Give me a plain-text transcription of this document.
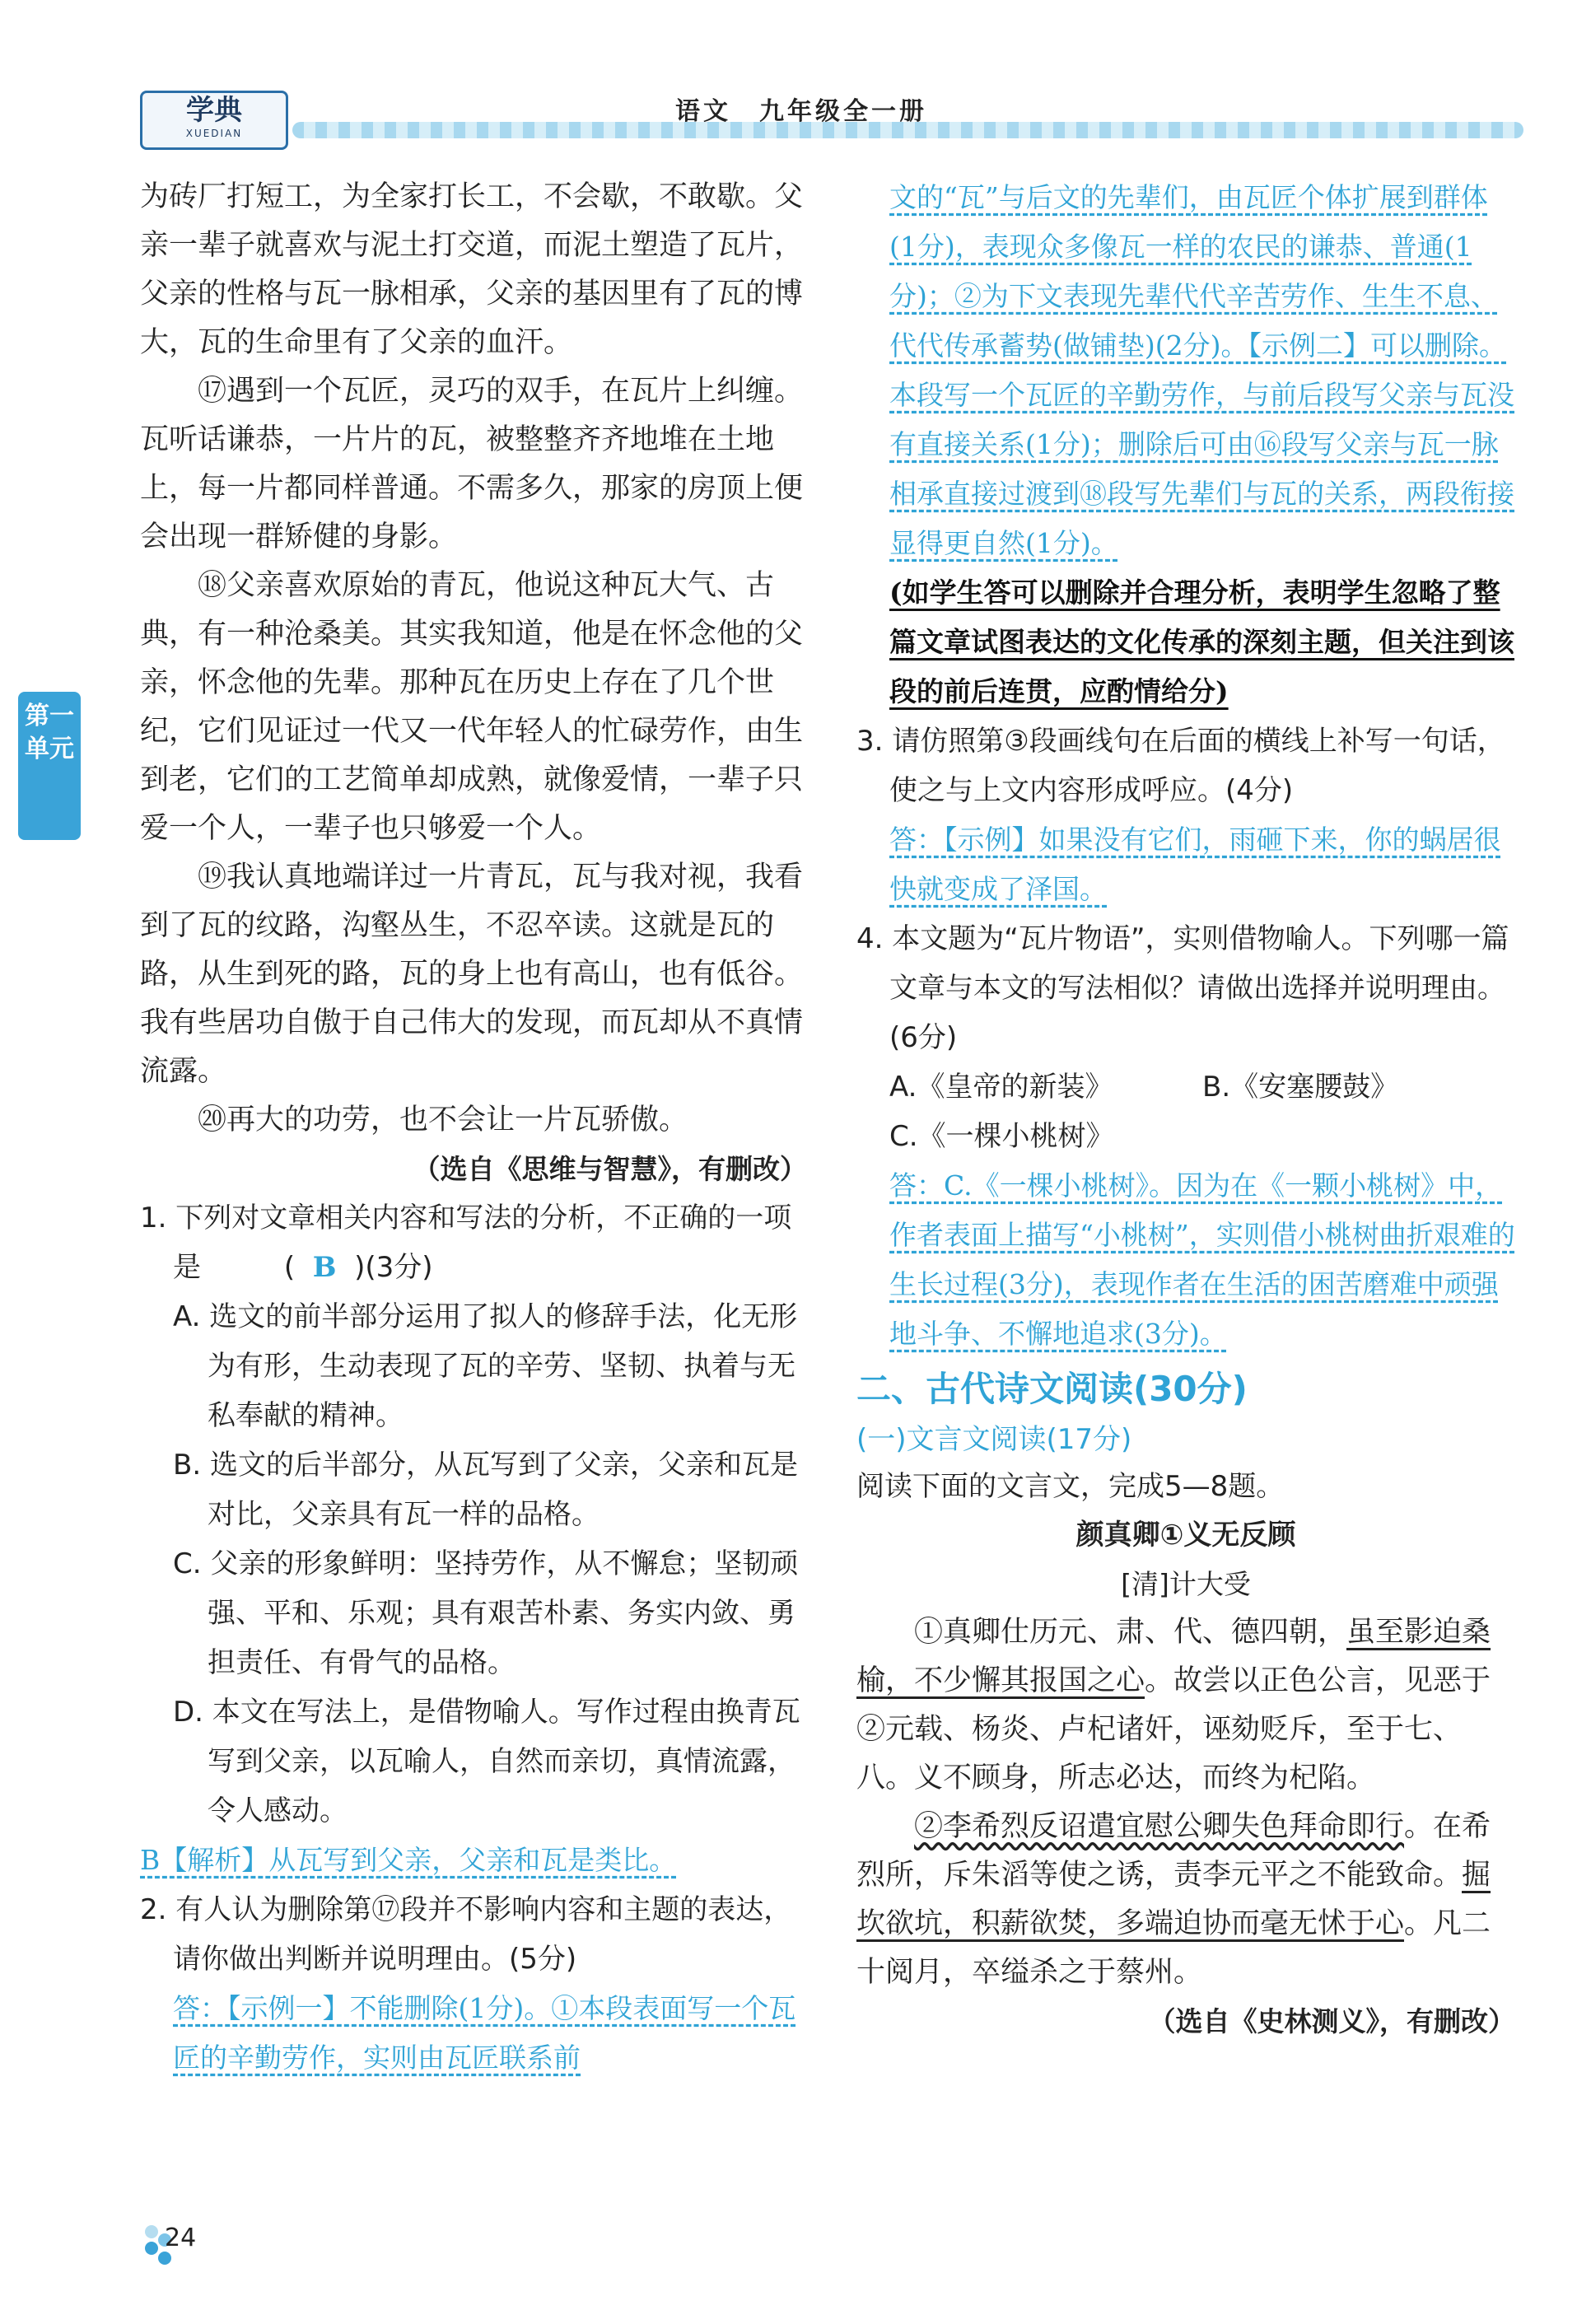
学典
XUEDIAN
语文　九年级全一册
第一单元

为砖厂打短工，为全家打长工，不会歇，不敢歇。父亲一辈子就喜欢与泥土打交道，而泥土塑造了瓦片，父亲的性格与瓦一脉相承，父亲的基因里有了瓦的博大，瓦的生命里有了父亲的血汗。

⑰遇到一个瓦匠，灵巧的双手，在瓦片上纠缠。瓦听话谦恭，一片片的瓦，被整整齐齐地堆在土地上，每一片都同样普通。不需多久，那家的房顶上便会出现一群矫健的身影。

⑱父亲喜欢原始的青瓦，他说这种瓦大气、古典，有一种沧桑美。其实我知道，他是在怀念他的父亲，怀念他的先辈。那种瓦在历史上存在了几个世纪，它们见证过一代又一代年轻人的忙碌劳作，由生到老，它们的工艺简单却成熟，就像爱情，一辈子只爱一个人，一辈子也只够爱一个人。

⑲我认真地端详过一片青瓦，瓦与我对视，我看到了瓦的纹路，沟壑丛生，不忍卒读。这就是瓦的路，从生到死的路，瓦的身上也有高山，也有低谷。我有些居功自傲于自己伟大的发现，而瓦却从不真情流露。

⑳再大的功劳，也不会让一片瓦骄傲。

（选自《思维与智慧》，有删改）

1. 下列对文章相关内容和写法的分析，不正确的一项是	(  B  )(3分)

A. 选文的前半部分运用了拟人的修辞手法，化无形为有形，生动表现了瓦的辛劳、坚韧、执着与无私奉献的精神。

B. 选文的后半部分，从瓦写到了父亲，父亲和瓦是对比，父亲具有瓦一样的品格。

C. 父亲的形象鲜明：坚持劳作，从不懈怠；坚韧顽强、平和、乐观；具有艰苦朴素、务实内敛、勇担责任、有骨气的品格。

D. 本文在写法上，是借物喻人。写作过程由换青瓦写到父亲，以瓦喻人，自然而亲切，真情流露，令人感动。

B【解析】从瓦写到父亲，父亲和瓦是类比。

2. 有人认为删除第⑰段并不影响内容和主题的表达，请你做出判断并说明理由。(5分)

答：【示例一】不能删除(1分)。①本段表面写一个瓦匠的辛勤劳作，实则由瓦匠联系前

文的“瓦”与后文的先辈们，由瓦匠个体扩展到群体(1分)，表现众多像瓦一样的农民的谦恭、普通(1分)；②为下文表现先辈代代辛苦劳作、生生不息、代代传承蓄势(做铺垫)(2分)。【示例二】可以删除。本段写一个瓦匠的辛勤劳作，与前后段写父亲与瓦没有直接关系(1分)；删除后可由⑯段写父亲与瓦一脉相承直接过渡到⑱段写先辈们与瓦的关系，两段衔接显得更自然(1分)。

(如学生答可以删除并合理分析，表明学生忽略了整篇文章试图表达的文化传承的深刻主题，但关注到该段的前后连贯，应酌情给分)

3. 请仿照第③段画线句在后面的横线上补写一句话，使之与上文内容形成呼应。(4分)

答：【示例】如果没有它们，雨砸下来，你的蜗居很快就变成了泽国。

4. 本文题为“瓦片物语”，实则借物喻人。下列哪一篇文章与本文的写法相似？请做出选择并说明理由。(6分)

A.《皇帝的新装》	B.《安塞腰鼓》
C.《一棵小桃树》

答：C.《一棵小桃树》。因为在《一颗小桃树》中，作者表面上描写“小桃树”，实则借小桃树曲折艰难的生长过程(3分)，表现作者在生活的困苦磨难中顽强地斗争、不懈地追求(3分)。

二、古代诗文阅读(30分)

(一)文言文阅读(17分)

阅读下面的文言文，完成5—8题。

颜真卿①义无反顾

[清]计大受

①真卿仕历元、肃、代、德四朝，虽至影迫桑榆，不少懈其报国之心。故尝以正色公言，见恶于②元载、杨炎、卢杞诸奸，诬劾贬斥，至于七、八。义不顾身，所志必达，而终为杞陷。

②李希烈反诏遣宜慰公卿失色拜命即行。在希烈所，斥朱滔等使之诱，责李元平之不能致命。掘坎欲坑，积薪欲焚，多端迫协而毫无怵于心。凡二十阅月，卒缢杀之于蔡州。

（选自《史林测义》，有删改）

24
